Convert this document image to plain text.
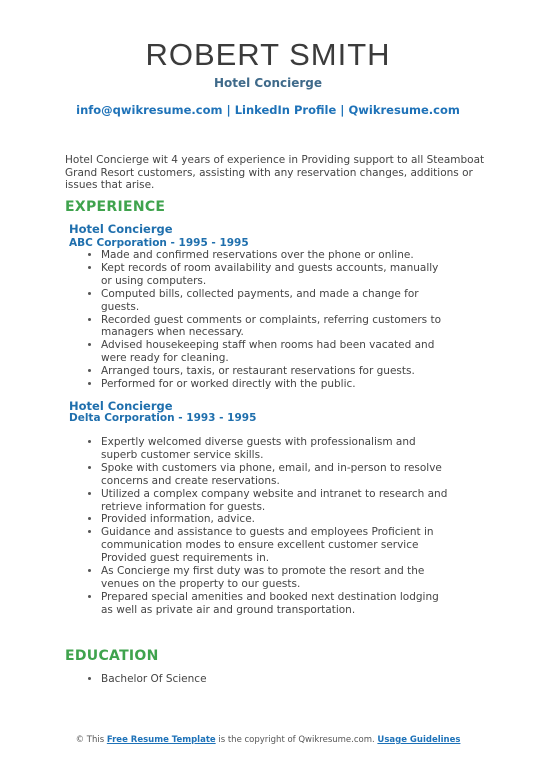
ROBERT SMITH
Hotel Concierge
info@qwikresume.com | LinkedIn Profile | Qwikresume.com
Hotel Concierge wit 4 years of experience in Providing support to all Steamboat Grand Resort customers, assisting with any reservation changes, additions or issues that arise.
EXPERIENCE
Hotel Concierge
ABC Corporation - 1995 - 1995
• Made and confirmed reservations over the phone or online.
• Kept records of room availability and guests accounts, manually or using computers.
• Computed bills, collected payments, and made a change for guests.
• Recorded guest comments or complaints, referring customers to managers when necessary.
• Advised housekeeping staff when rooms had been vacated and were ready for cleaning.
• Arranged tours, taxis, or restaurant reservations for guests.
• Performed for or worked directly with the public.
Hotel Concierge
Delta Corporation - 1993 - 1995
• Expertly welcomed diverse guests with professionalism and superb customer service skills.
• Spoke with customers via phone, email, and in-person to resolve concerns and create reservations.
• Utilized a complex company website and intranet to research and retrieve information for guests.
• Provided information, advice.
• Guidance and assistance to guests and employees Proficient in communication modes to ensure excellent customer service Provided guest requirements in.
• As Concierge my first duty was to promote the resort and the venues on the property to our guests.
• Prepared special amenities and booked next destination lodging as well as private air and ground transportation.
EDUCATION
• Bachelor Of Science
© This Free Resume Template is the copyright of Qwikresume.com. Usage Guidelines
